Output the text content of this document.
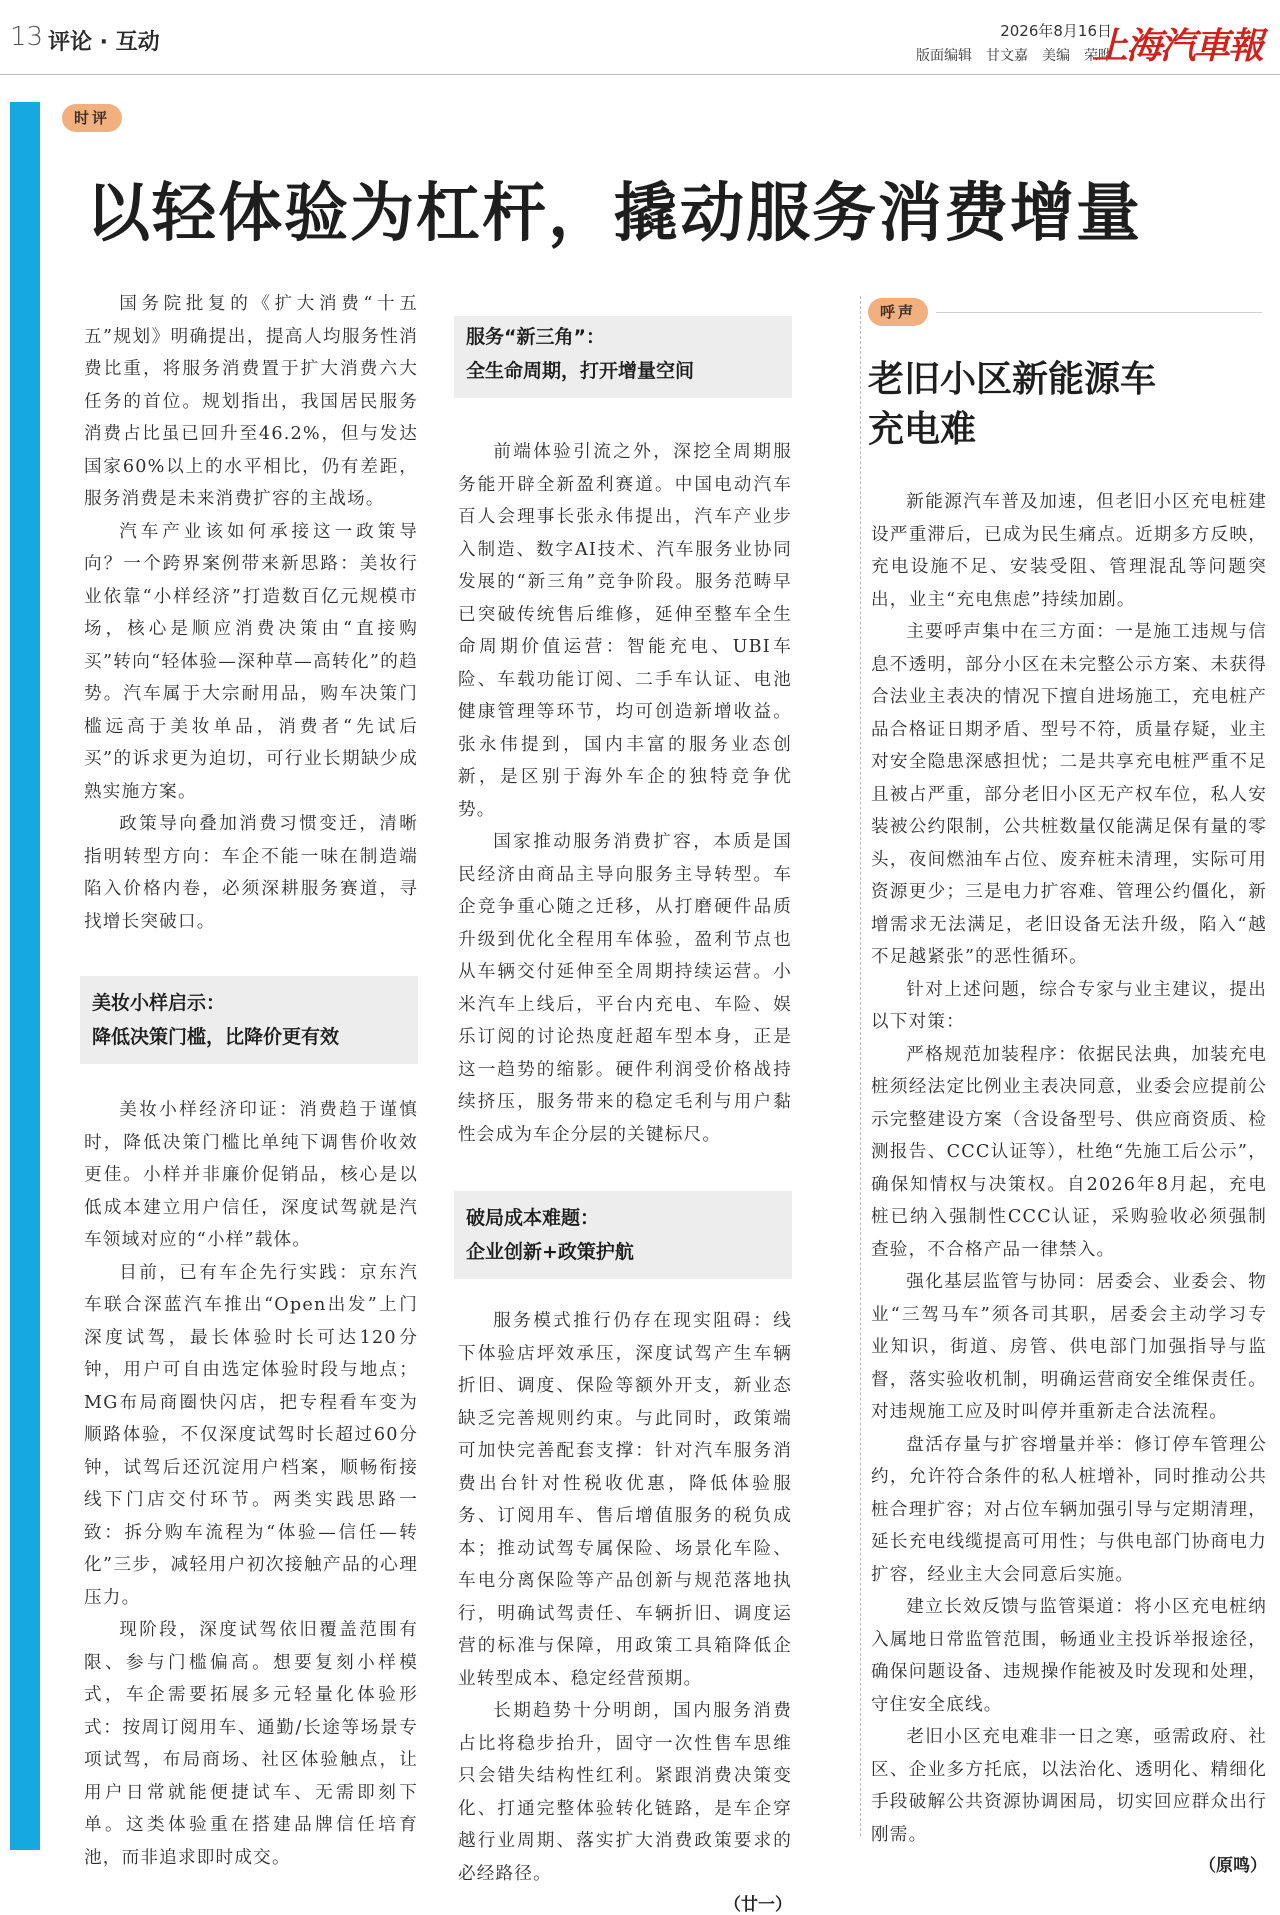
13 评论 · 互动	2026年8月16日
版面编辑　甘文嘉　美编　荣晔
上海汽車報
时评
以轻体验为杠杆，撬动服务消费增量

国务院批复的《扩大消费“十五五”规划》明确提出，提高人均服务性消费比重，将服务消费置于扩大消费六大任务的首位。规划指出，我国居民服务消费占比虽已回升至46.2%，但与发达国家60%以上的水平相比，仍有差距，服务消费是未来消费扩容的主战场。

汽车产业该如何承接这一政策导向？一个跨界案例带来新思路：美妆行业依靠“小样经济”打造数百亿元规模市场，核心是顺应消费决策由“直接购买”转向“轻体验—深种草—高转化”的趋势。汽车属于大宗耐用品，购车决策门槛远高于美妆单品，消费者“先试后买”的诉求更为迫切，可行业长期缺少成熟实施方案。

政策导向叠加消费习惯变迁，清晰指明转型方向：车企不能一味在制造端陷入价格内卷，必须深耕服务赛道，寻找增长突破口。

美妆小样启示：
降低决策门槛，比降价更有效

美妆小样经济印证：消费趋于谨慎时，降低决策门槛比单纯下调售价收效更佳。小样并非廉价促销品，核心是以低成本建立用户信任，深度试驾就是汽车领域对应的“小样”载体。

目前，已有车企先行实践：京东汽车联合深蓝汽车推出“Open出发”上门深度试驾，最长体验时长可达120分钟，用户可自由选定体验时段与地点；MG布局商圈快闪店，把专程看车变为顺路体验，不仅深度试驾时长超过60分钟，试驾后还沉淀用户档案，顺畅衔接线下门店交付环节。两类实践思路一致：拆分购车流程为“体验—信任—转化”三步，减轻用户初次接触产品的心理压力。

现阶段，深度试驾依旧覆盖范围有限、参与门槛偏高。想要复刻小样模式，车企需要拓展多元轻量化体验形式：按周订阅用车、通勤/长途等场景专项试驾，布局商场、社区体验触点，让用户日常就能便捷试车、无需即刻下单。这类体验重在搭建品牌信任培育池，而非追求即时成交。

服务“新三角”：
全生命周期，打开增量空间

前端体验引流之外，深挖全周期服务能开辟全新盈利赛道。中国电动汽车百人会理事长张永伟提出，汽车产业步入制造、数字AI技术、汽车服务业协同发展的“新三角”竞争阶段。服务范畴早已突破传统售后维修，延伸至整车全生命周期价值运营：智能充电、UBI车险、车载功能订阅、二手车认证、电池健康管理等环节，均可创造新增收益。张永伟提到，国内丰富的服务业态创新，是区别于海外车企的独特竞争优势。

国家推动服务消费扩容，本质是国民经济由商品主导向服务主导转型。车企竞争重心随之迁移，从打磨硬件品质升级到优化全程用车体验，盈利节点也从车辆交付延伸至全周期持续运营。小米汽车上线后，平台内充电、车险、娱乐订阅的讨论热度赶超车型本身，正是这一趋势的缩影。硬件利润受价格战持续挤压，服务带来的稳定毛利与用户黏性会成为车企分层的关键标尺。

破局成本难题：
企业创新+政策护航

服务模式推行仍存在现实阻碍：线下体验店坪效承压，深度试驾产生车辆折旧、调度、保险等额外开支，新业态缺乏完善规则约束。与此同时，政策端可加快完善配套支撑：针对汽车服务消费出台针对性税收优惠，降低体验服务、订阅用车、售后增值服务的税负成本；推动试驾专属保险、场景化车险、车电分离保险等产品创新与规范落地执行，明确试驾责任、车辆折旧、调度运营的标准与保障，用政策工具箱降低企业转型成本、稳定经营预期。

长期趋势十分明朗，国内服务消费占比将稳步抬升，固守一次性售车思维只会错失结构性红利。紧跟消费决策变化、打通完整体验转化链路，是车企穿越行业周期、落实扩大消费政策要求的必经路径。

（廿一）
呼声
老旧小区新能源车
充电难

新能源汽车普及加速，但老旧小区充电桩建设严重滞后，已成为民生痛点。近期多方反映，充电设施不足、安装受阻、管理混乱等问题突出，业主“充电焦虑”持续加剧。

主要呼声集中在三方面：一是施工违规与信息不透明，部分小区在未完整公示方案、未获得合法业主表决的情况下擅自进场施工，充电桩产品合格证日期矛盾、型号不符，质量存疑，业主对安全隐患深感担忧；二是共享充电桩严重不足且被占严重，部分老旧小区无产权车位，私人安装被公约限制，公共桩数量仅能满足保有量的零头，夜间燃油车占位、废弃桩未清理，实际可用资源更少；三是电力扩容难、管理公约僵化，新增需求无法满足，老旧设备无法升级，陷入“越不足越紧张”的恶性循环。

针对上述问题，综合专家与业主建议，提出以下对策：

严格规范加装程序：依据民法典，加装充电桩须经法定比例业主表决同意，业委会应提前公示完整建设方案（含设备型号、供应商资质、检测报告、CCC认证等），杜绝“先施工后公示”，确保知情权与决策权。自2026年8月起，充电桩已纳入强制性CCC认证，采购验收必须强制查验，不合格产品一律禁入。

强化基层监管与协同：居委会、业委会、物业“三驾马车”须各司其职，居委会主动学习专业知识，街道、房管、供电部门加强指导与监督，落实验收机制，明确运营商安全维保责任。对违规施工应及时叫停并重新走合法流程。

盘活存量与扩容增量并举：修订停车管理公约，允许符合条件的私人桩增补，同时推动公共桩合理扩容；对占位车辆加强引导与定期清理，延长充电线缆提高可用性；与供电部门协商电力扩容，经业主大会同意后实施。

建立长效反馈与监管渠道：将小区充电桩纳入属地日常监管范围，畅通业主投诉举报途径，确保问题设备、违规操作能被及时发现和处理，守住安全底线。

老旧小区充电难非一日之寒，亟需政府、社区、企业多方托底，以法治化、透明化、精细化手段破解公共资源协调困局，切实回应群众出行刚需。

（原鸣）
